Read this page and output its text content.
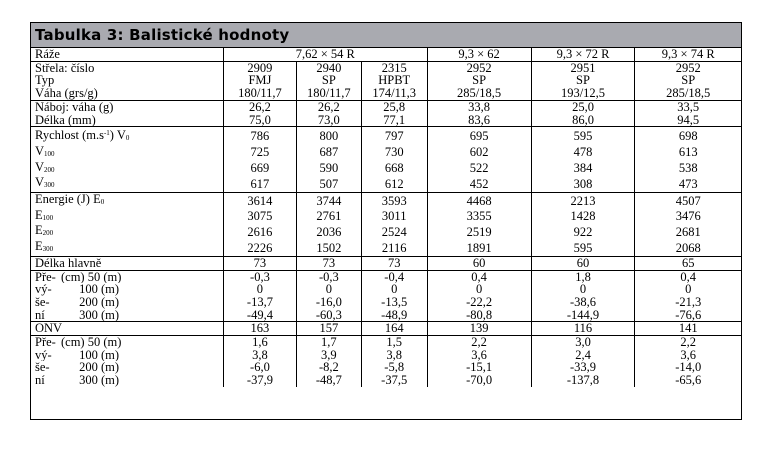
Tabulka 3: Balistické hodnoty
Ráže	7,62 × 54 R			9,3 × 62	9,3 × 72 R	9,3 × 74 R
Střela: číslo	2909	2940	2315	2952	2951	2952
Typ	FMJ	SP	HPBT	SP	SP	SP
Váha (grs/g)	180/11,7	180/11,7	174/11,3	285/18,5	193/12,5	285/18,5
Náboj: váha (g)	26,2	26,2	25,8	33,8	25,0	33,5
Délka (mm)	75,0	73,0	77,1	83,6	86,0	94,5
Rychlost $(m.s^{-1})$ V0	786	800	797	695	595	698
V100	725	687	730	602	478	613
V200	669	590	668	522	384	538
V300	617	507	612	452	308	473
Energie (J) E0	3614	3744	3593	4468	2213	4507
E100	3075	2761	3011	3355	1428	3476
E200	2616	2036	2524	2519	922	2681
E300	2226	1502	2116	1891	595	2068
Délka hlavně	73	73	73	60	60	65
Pře- (cm) 50 (m)	-0,3	-0,3	-0,4	0,4	1,8	0,4
vý- 100 (m)	0	0	0	0	0	0
še- 200 (m)	-13,7	-16,0	-13,5	-22,2	-38,6	-21,3
ní 300 (m)	-49,4	-60,3	-48,9	-80,8	-144,9	-76,6
ONV	163	157	164	139	116	141
Pře- (cm) 50 (m)	1,6	1,7	1,5	2,2	3,0	2,2
vý- 100 (m)	3,8	3,9	3,8	3,6	2,4	3,6
še- 200 (m)	-6,0	-8,2	-5,8	-15,1	-33,9	-14,0
ní 300 (m)	-37,9	-48,7	-37,5	-70,0	-137,8	-65,6
